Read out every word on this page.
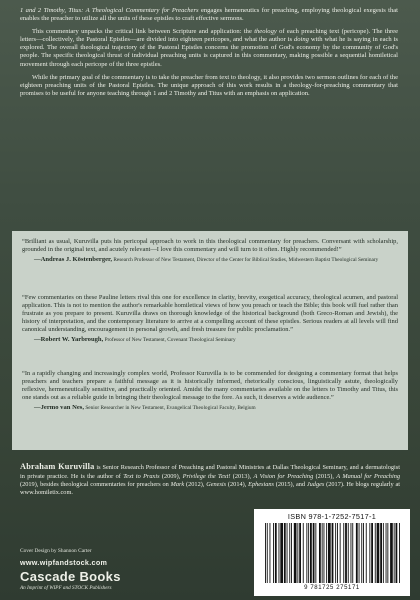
1 and 2 Timothy, Titus: A Theological Commentary for Preachers engages hermeneutics for preaching, employing theological exegesis that enables the preacher to utilize all the units of these epistles to craft effective sermons.

This commentary unpacks the critical link between Scripture and application: the theology of each preaching text (pericope). The three letters—collectively, the Pastoral Epistles—are divided into eighteen pericopes, and what the author is doing with what he is saying in each is explored. The overall theological trajectory of the Pastoral Epistles concerns the promotion of God's economy by the community of God's people. The specific theological thrust of individual preaching units is captured in this commentary, making possible a sequential homiletical movement through each pericope of the three epistles.

While the primary goal of the commentary is to take the preacher from text to theology, it also provides two sermon outlines for each of the eighteen preaching units of the Pastoral Epistles. The unique approach of this work results in a theology-for-preaching commentary that promises to be useful for anyone teaching through 1 and 2 Timothy and Titus with an emphasis on application.

“Brilliant as usual, Kuruvilla puts his pericopal approach to work in this theological commentary for preachers. Conversant with scholarship, grounded in the original text, and acutely relevant—I love this commentary and will turn to it often. Highly recommended!”

—Andreas J. Köstenberger, Research Professor of New Testament, Director of the Center for Biblical Studies, Midwestern Baptist Theological Seminary

“Few commentaries on these Pauline letters rival this one for excellence in clarity, brevity, exegetical accuracy, theological acumen, and pastoral application. This is not to mention the author's remarkable homiletical views of how you preach or teach the Bible; this book will fuel rather than frustrate as you prepare to present. Kuruvilla draws on thorough knowledge of the historical background (both Greco-Roman and Jewish), the history of interpretation, and the contemporary literature to arrive at a compelling account of these epistles. Serious readers at all levels will find canonical understanding, encouragement in personal growth, and fresh treasure for public proclamation.”

—Robert W. Yarbrough, Professor of New Testament, Covenant Theological Seminary

“In a rapidly changing and increasingly complex world, Professor Kuruvilla is to be commended for designing a commentary format that helps preachers and teachers prepare a faithful message as it is historically informed, rhetorically conscious, linguistically astute, theologically reflexive, hermeneutically sensitive, and practically oriented. Amidst the many commentaries available on the letters to Timothy and Titus, this one stands out as a reliable guide in bringing their theological message to the fore. As such, it deserves a wide audience.”

—Jermo van Nes, Senior Researcher in New Testament, Evangelical Theological Faculty, Belgium

Abraham Kuruvilla is Senior Research Professor of Preaching and Pastoral Ministries at Dallas Theological Seminary, and a dermatologist in private practice. He is the author of Text to Praxis (2009), Privilege the Text! (2013), A Vision for Preaching (2015), A Manual for Preaching (2019), besides theological commentaries for preachers on Mark (2012), Genesis (2014), Ephesians (2015), and Judges (2017). He blogs regularly at www.homiletix.com.

Cover Design by Shannon Carter
www.wipfandstock.com
Cascade Books
An Imprint of WIPF and STOCK Publishers
ISBN 978-1-7252-7517-1
9 781725 275171
